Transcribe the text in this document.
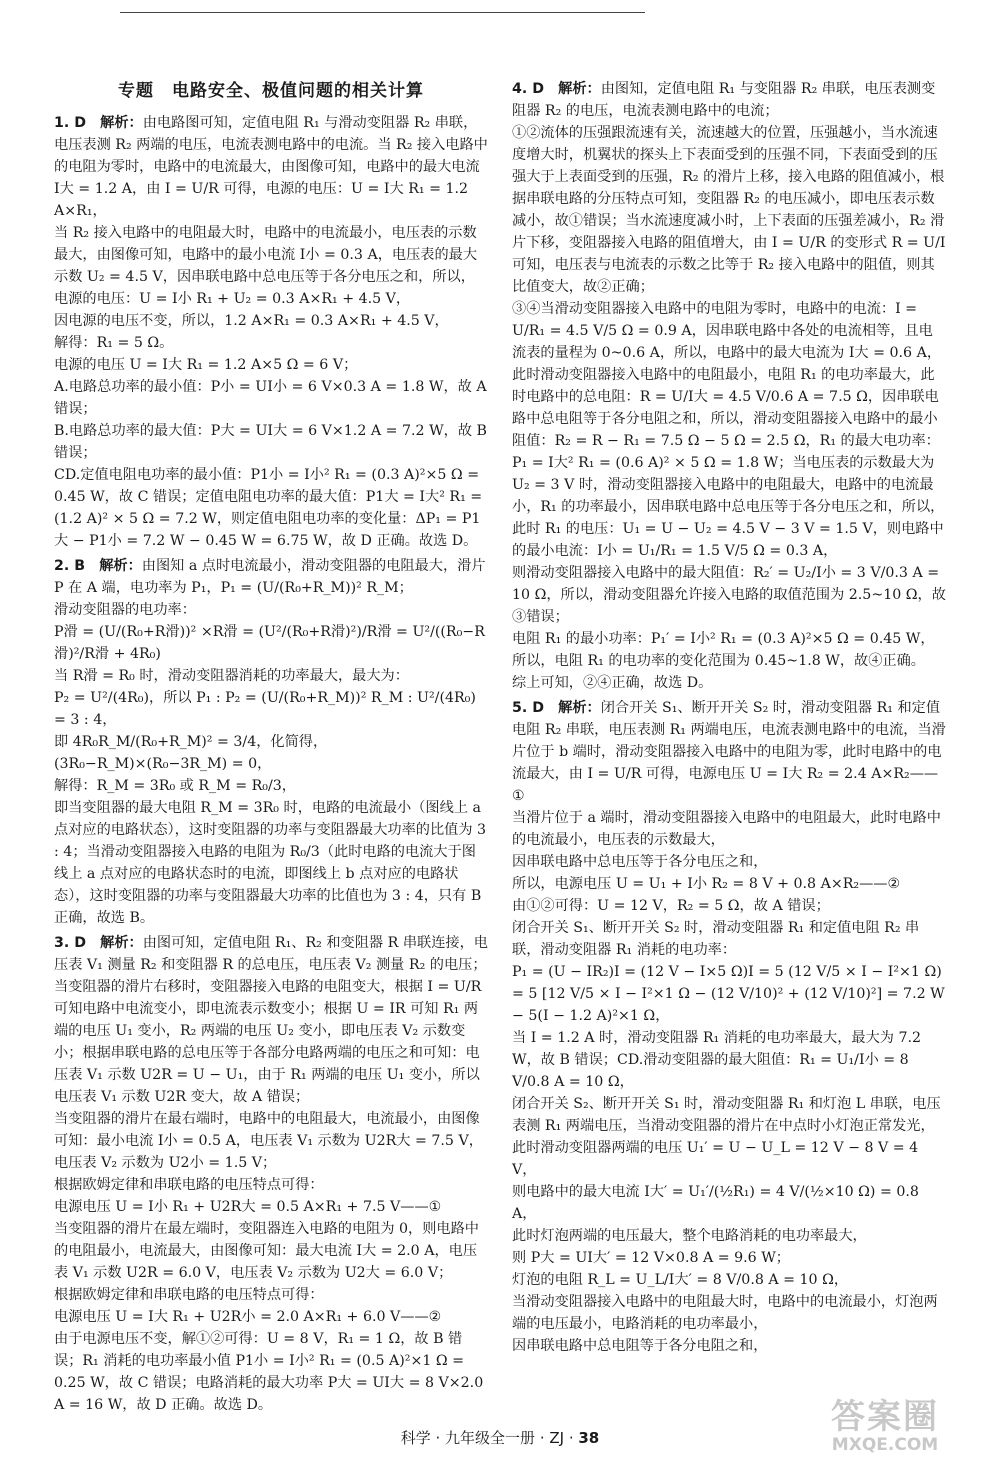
专题　电路安全、极值问题的相关计算
1. D　解析：由电路图可知，定值电阻 R₁ 与滑动变阻器 R₂ 串联，电压表测 R₂ 两端的电压，电流表测电路中的电流。当 R₂ 接入电路中的电阻为零时，电路中的电流最大，由图像可知，电路中的最大电流 I大 = 1.2 A，由 I = U/R 可得，电源的电压：U = I大 R₁ = 1.2 A×R₁，
当 R₂ 接入电路中的电阻最大时，电路中的电流最小，电压表的示数最大，由图像可知，电路中的最小电流 I小 = 0.3 A，电压表的最大示数 U₂ = 4.5 V，因串联电路中总电压等于各分电压之和，所以，电源的电压：U = I小 R₁ + U₂ = 0.3 A×R₁ + 4.5 V，
因电源的电压不变，所以，1.2 A×R₁ = 0.3 A×R₁ + 4.5 V，
解得：R₁ = 5 Ω。
电源的电压 U = I大 R₁ = 1.2 A×5 Ω = 6 V；
A.电路总功率的最小值：P小 = UI小 = 6 V×0.3 A = 1.8 W，故 A 错误；
B.电路总功率的最大值：P大 = UI大 = 6 V×1.2 A = 7.2 W，故 B 错误；
CD.定值电阻电功率的最小值：P1小 = I小² R₁ = (0.3 A)²×5 Ω = 0.45 W，故 C 错误；定值电阻电功率的最大值：P1大 = I大² R₁ = (1.2 A)² × 5 Ω = 7.2 W，则定值电阻电功率的变化量：ΔP₁ = P1大 − P1小 = 7.2 W − 0.45 W = 6.75 W，故 D 正确。故选 D。
2. B　解析：由图知 a 点时电流最小，滑动变阻器的电阻最大，滑片 P 在 A 端，电功率为 P₁，P₁ = (U/(R₀+R_M))² R_M；
滑动变阻器的电功率：
P滑 = (U/(R₀+R滑))² ×R滑 = (U²/(R₀+R滑)²)/R滑 = U²/((R₀−R滑)²/R滑 + 4R₀)
当 R滑 = R₀ 时，滑动变阻器消耗的功率最大，最大为：
P₂ = U²/(4R₀)，所以 P₁ : P₂ = (U/(R₀+R_M))² R_M : U²/(4R₀) = 3 : 4，
即 4R₀R_M/(R₀+R_M)² = 3/4，化简得，(3R₀−R_M)×(R₀−3R_M) = 0，
解得：R_M = 3R₀ 或 R_M = R₀/3，
即当变阻器的最大电阻 R_M = 3R₀ 时，电路的电流最小（图线上 a 点对应的电路状态），这时变阻器的功率与变阻器最大功率的比值为 3 : 4；当滑动变阻器接入电路的电阻为 R₀/3（此时电路的电流大于图线上 a 点对应的电路状态时的电流，即图线上 b 点对应的电路状态），这时变阻器的功率与变阻器最大功率的比值也为 3 : 4，只有 B 正确，故选 B。
3. D　解析：由图可知，定值电阻 R₁、R₂ 和变阻器 R 串联连接，电压表 V₁ 测量 R₂ 和变阻器 R 的总电压，电压表 V₂ 测量 R₂ 的电压；
当变阻器的滑片右移时，变阻器接入电路的电阻变大，根据 I = U/R 可知电路中电流变小，即电流表示数变小；根据 U = IR 可知 R₁ 两端的电压 U₁ 变小，R₂ 两端的电压 U₂ 变小，即电压表 V₂ 示数变小；根据串联电路的总电压等于各部分电路两端的电压之和可知：电压表 V₁ 示数 U2R = U − U₁，由于 R₁ 两端的电压 U₁ 变小，所以电压表 V₁ 示数 U2R 变大，故 A 错误；
当变阻器的滑片在最右端时，电路中的电阻最大，电流最小，由图像可知：最小电流 I小 = 0.5 A，电压表 V₁ 示数为 U2R大 = 7.5 V，电压表 V₂ 示数为 U2小 = 1.5 V；
根据欧姆定律和串联电路的电压特点可得：
电源电压 U = I小 R₁ + U2R大 = 0.5 A×R₁ + 7.5 V——①
当变阻器的滑片在最左端时，变阻器连入电路的电阻为 0，则电路中的电阻最小，电流最大，由图像可知：最大电流 I大 = 2.0 A，电压表 V₁ 示数 U2R = 6.0 V，电压表 V₂ 示数为 U2大 = 6.0 V；
根据欧姆定律和串联电路的电压特点可得：
电源电压 U = I大 R₁ + U2R小 = 2.0 A×R₁ + 6.0 V——②
由于电源电压不变，解①②可得：U = 8 V，R₁ = 1 Ω，故 B 错误；R₁ 消耗的电功率最小值 P1小 = I小² R₁ = (0.5 A)²×1 Ω = 0.25 W，故 C 错误；电路消耗的最大功率 P大 = UI大 = 8 V×2.0 A = 16 W，故 D 正确。故选 D。
4. D　解析：由图知，定值电阻 R₁ 与变阻器 R₂ 串联，电压表测变阻器 R₂ 的电压，电流表测电路中的电流；
①②流体的压强跟流速有关，流速越大的位置，压强越小，当水流速度增大时，机翼状的探头上下表面受到的压强不同，下表面受到的压强大于上表面受到的压强，R₂ 的滑片上移，接入电路的阻值减小，根据串联电路的分压特点可知，变阻器 R₂ 的电压减小，即电压表示数减小，故①错误；当水流速度减小时，上下表面的压强差减小，R₂ 滑片下移，变阻器接入电路的阻值增大，由 I = U/R 的变形式 R = U/I 可知，电压表与电流表的示数之比等于 R₂ 接入电路中的阻值，则其比值变大，故②正确；
③④当滑动变阻器接入电路中的电阻为零时，电路中的电流：I = U/R₁ = 4.5 V/5 Ω = 0.9 A，因串联电路中各处的电流相等，且电流表的量程为 0~0.6 A，所以，电路中的最大电流为 I大 = 0.6 A，此时滑动变阻器接入电路中的电阻最小，电阻 R₁ 的电功率最大，此时电路中的总电阻：R = U/I大 = 4.5 V/0.6 A = 7.5 Ω，因串联电路中总电阻等于各分电阻之和，所以，滑动变阻器接入电路中的最小阻值：R₂ = R − R₁ = 7.5 Ω − 5 Ω = 2.5 Ω，R₁ 的最大电功率：P₁ = I大² R₁ = (0.6 A)² × 5 Ω = 1.8 W；当电压表的示数最大为 U₂ = 3 V 时，滑动变阻器接入电路中的电阻最大，电路中的电流最小，R₁ 的功率最小，因串联电路中总电压等于各分电压之和，所以，此时 R₁ 的电压：U₁ = U − U₂ = 4.5 V − 3 V = 1.5 V，则电路中的最小电流：I小 = U₁/R₁ = 1.5 V/5 Ω = 0.3 A，
则滑动变阻器接入电路中的最大阻值：R₂′ = U₂/I小 = 3 V/0.3 A = 10 Ω，所以，滑动变阻器允许接入电路的取值范围为 2.5~10 Ω，故③错误；
电阻 R₁ 的最小功率：P₁′ = I小² R₁ = (0.3 A)²×5 Ω = 0.45 W，
所以，电阻 R₁ 的电功率的变化范围为 0.45~1.8 W，故④正确。
综上可知，②④正确，故选 D。
5. D　解析：闭合开关 S₁、断开开关 S₂ 时，滑动变阻器 R₁ 和定值电阻 R₂ 串联，电压表测 R₁ 两端电压，电流表测电路中的电流，当滑片位于 b 端时，滑动变阻器接入电路中的电阻为零，此时电路中的电流最大，由 I = U/R 可得，电源电压 U = I大 R₂ = 2.4 A×R₂——①
当滑片位于 a 端时，滑动变阻器接入电路中的电阻最大，此时电路中的电流最小，电压表的示数最大，
因串联电路中总电压等于各分电压之和，
所以，电源电压 U = U₁ + I小 R₂ = 8 V + 0.8 A×R₂——②
由①②可得：U = 12 V，R₂ = 5 Ω，故 A 错误；
闭合开关 S₁、断开开关 S₂ 时，滑动变阻器 R₁ 和定值电阻 R₂ 串联，滑动变阻器 R₁ 消耗的电功率：
P₁ = (U − IR₂)I = (12 V − I×5 Ω)I = 5 (12 V/5 × I − I²×1 Ω) = 5 [12 V/5 × I − I²×1 Ω − (12 V/10)² + (12 V/10)²] = 7.2 W − 5(I − 1.2 A)²×1 Ω，
当 I = 1.2 A 时，滑动变阻器 R₁ 消耗的电功率最大，最大为 7.2 W，故 B 错误；CD.滑动变阻器的最大阻值：R₁ = U₁/I小 = 8 V/0.8 A = 10 Ω，
闭合开关 S₂、断开开关 S₁ 时，滑动变阻器 R₁ 和灯泡 L 串联，电压表测 R₁ 两端电压，当滑动变阻器的滑片在中点时小灯泡正常发光，此时滑动变阻器两端的电压 U₁′ = U − U_L = 12 V − 8 V = 4 V，
则电路中的最大电流 I大′ = U₁′/(½R₁) = 4 V/(½×10 Ω) = 0.8 A，
此时灯泡两端的电压最大，整个电路消耗的电功率最大，
则 P大 = UI大′ = 12 V×0.8 A = 9.6 W；
灯泡的电阻 R_L = U_L/I大′ = 8 V/0.8 A = 10 Ω，
当滑动变阻器接入电路中的电阻最大时，电路中的电流最小，灯泡两端的电压最小，电路消耗的电功率最小，
因串联电路中总电阻等于各分电阻之和，
科学 · 九年级全一册 · ZJ · 38
答案圈
MXQE.COM
